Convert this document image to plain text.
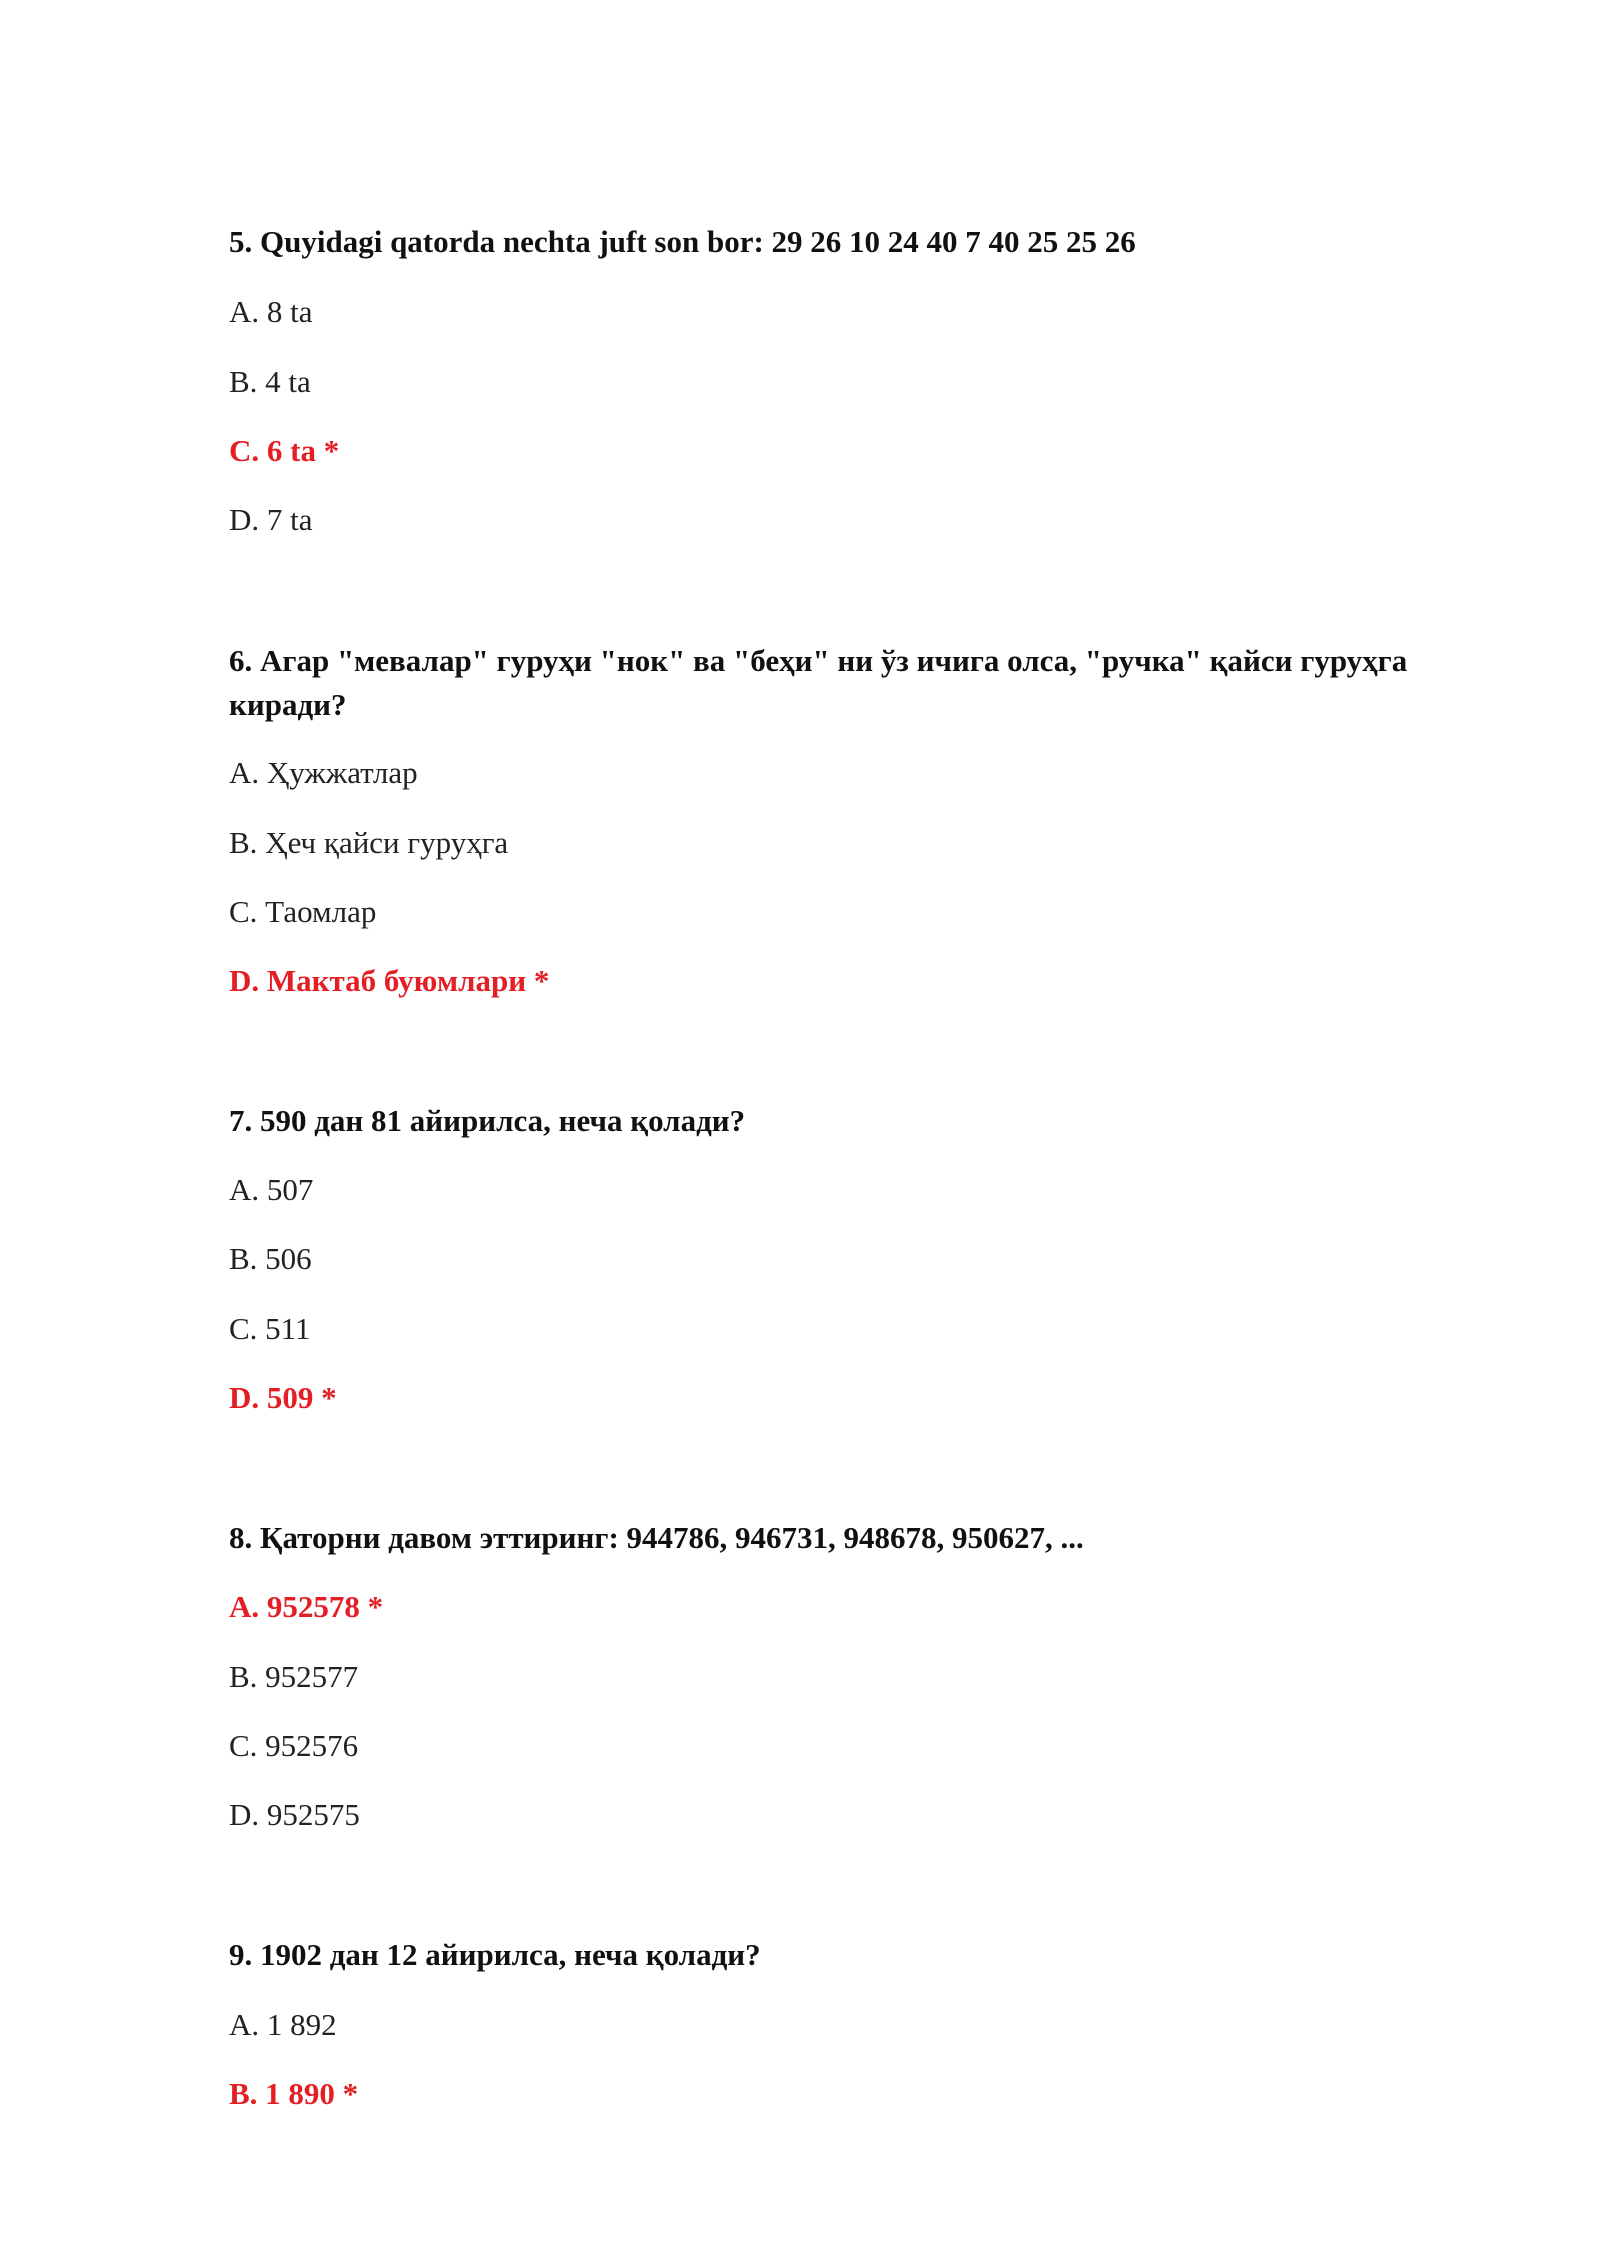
5. Quyidagi qatorda nechta juft son bor: 29 26 10 24 40 7 40 25 25 26
A. 8 ta
B. 4 ta
C. 6 ta *
D. 7 ta
6. Агар "мевалар" гуруҳи "нок" ва "беҳи" ни ўз ичига олса, "ручка" қайси гуруҳга
киради?
A. Ҳужжатлар
B. Ҳеч қайси гуруҳга
C. Таомлар
D. Мактаб буюмлари *
7. 590 дан 81 айирилса, неча қолади?
A. 507
B. 506
C. 511
D. 509 *
8. Қаторни давом эттиринг: 944786, 946731, 948678, 950627, ...
A. 952578 *
B. 952577
C. 952576
D. 952575
9. 1902 дан 12 айирилса, неча қолади?
A. 1 892
B. 1 890 *
